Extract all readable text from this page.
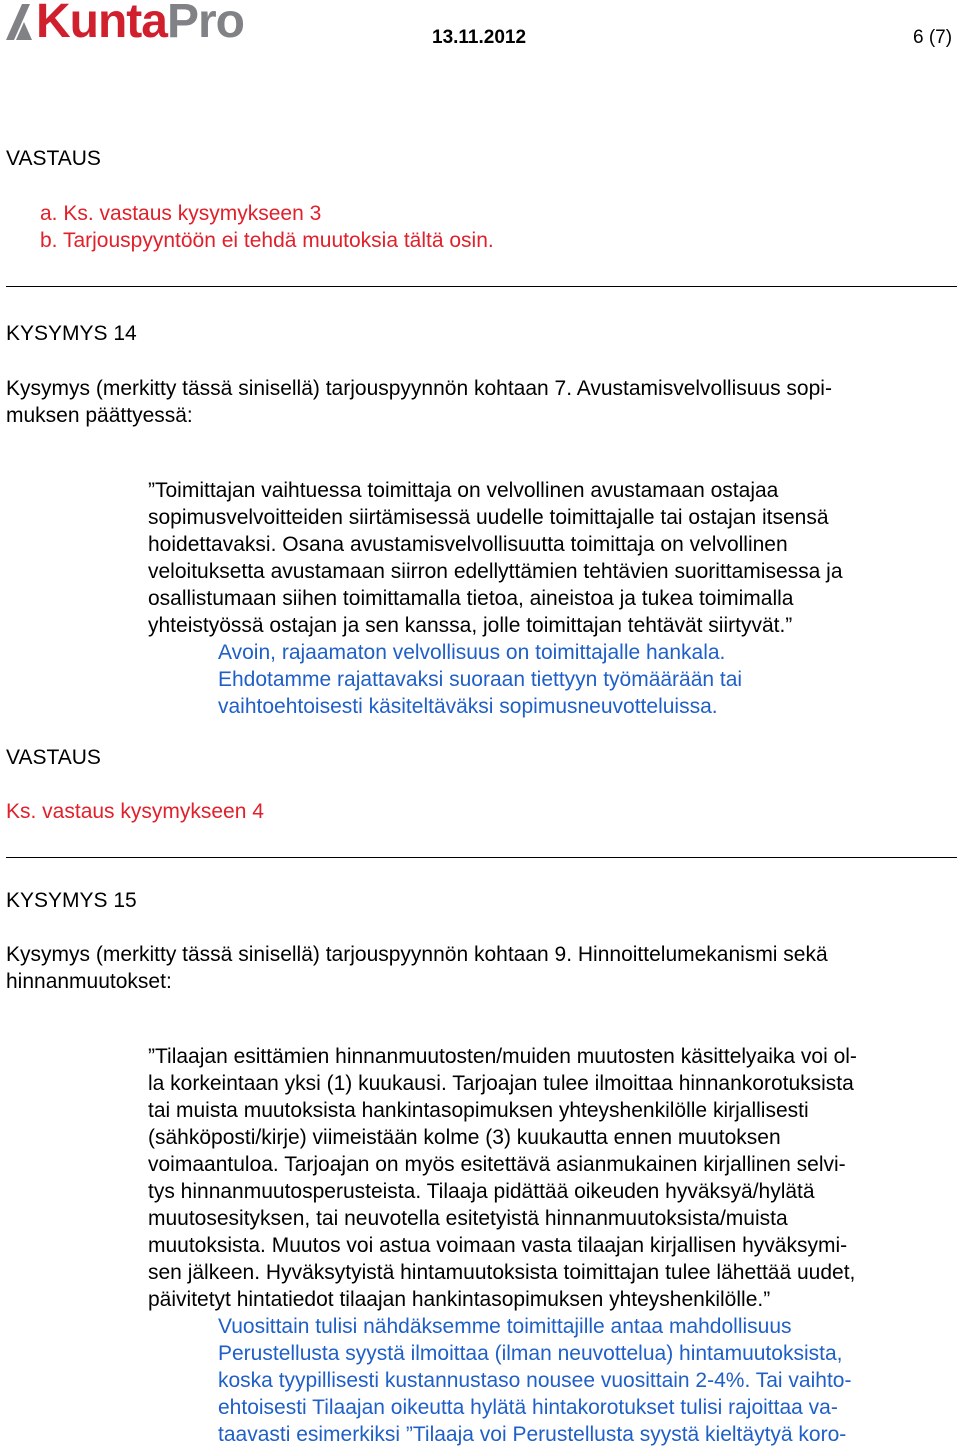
KuntaPro	13.11.2012	6 (7)
VASTAUS
a. Ks. vastaus kysymykseen 3
b. Tarjouspyyntöön ei tehdä muutoksia tältä osin.
KYSYMYS 14
Kysymys (merkitty tässä sinisellä) tarjouspyynnön kohtaan 7. Avustamisvelvollisuus sopi-
muksen päättyessä:
”Toimittajan vaihtuessa toimittaja on velvollinen avustamaan ostajaa
sopimusvelvoitteiden siirtämisessä uudelle toimittajalle tai ostajan itsensä
hoidettavaksi. Osana avustamisvelvollisuutta toimittaja on velvollinen
veloituksetta avustamaan siirron edellyttämien tehtävien suorittamisessa ja
osallistumaan siihen toimittamalla tietoa, aineistoa ja tukea toimimalla
yhteistyössä ostajan ja sen kanssa, jolle toimittajan tehtävät siirtyvät.”
Avoin, rajaamaton velvollisuus on toimittajalle hankala.
Ehdotamme rajattavaksi suoraan tiettyyn työmäärään tai
vaihtoehtoisesti käsiteltäväksi sopimusneuvotteluissa.
VASTAUS
Ks. vastaus kysymykseen 4
KYSYMYS 15
Kysymys (merkitty tässä sinisellä) tarjouspyynnön kohtaan 9. Hinnoittelumekanismi sekä
hinnanmuutokset:
”Tilaajan esittämien hinnanmuutosten/muiden muutosten käsittelyaika voi ol-
la korkeintaan yksi (1) kuukausi. Tarjoajan tulee ilmoittaa hinnankorotuksista
tai muista muutoksista hankintasopimuksen yhteyshenkilölle kirjallisesti
(sähköposti/kirje) viimeistään kolme (3) kuukautta ennen muutoksen
voimaantuloa. Tarjoajan on myös esitettävä asianmukainen kirjallinen selvi-
tys hinnanmuutosperusteista. Tilaaja pidättää oikeuden hyväksyä/hylätä
muutosesityksen, tai neuvotella esitetyistä hinnanmuutoksista/muista
muutoksista. Muutos voi astua voimaan vasta tilaajan kirjallisen hyväksymi-
sen jälkeen. Hyväksytyistä hintamuutoksista toimittajan tulee lähettää uudet,
päivitetyt hintatiedot tilaajan hankintasopimuksen yhteyshenkilölle.”
Vuosittain tulisi nähdäksemme toimittajille antaa mahdollisuus
Perustellusta syystä ilmoittaa (ilman neuvottelua) hintamuutoksista,
koska tyypillisesti kustannustaso nousee vuosittain 2-4%. Tai vaihto-
ehtoisesti Tilaajan oikeutta hylätä hintakorotukset tulisi rajoittaa va-
taavasti esimerkiksi ”Tilaaja voi Perustellusta syystä kieltäytyä koro-
